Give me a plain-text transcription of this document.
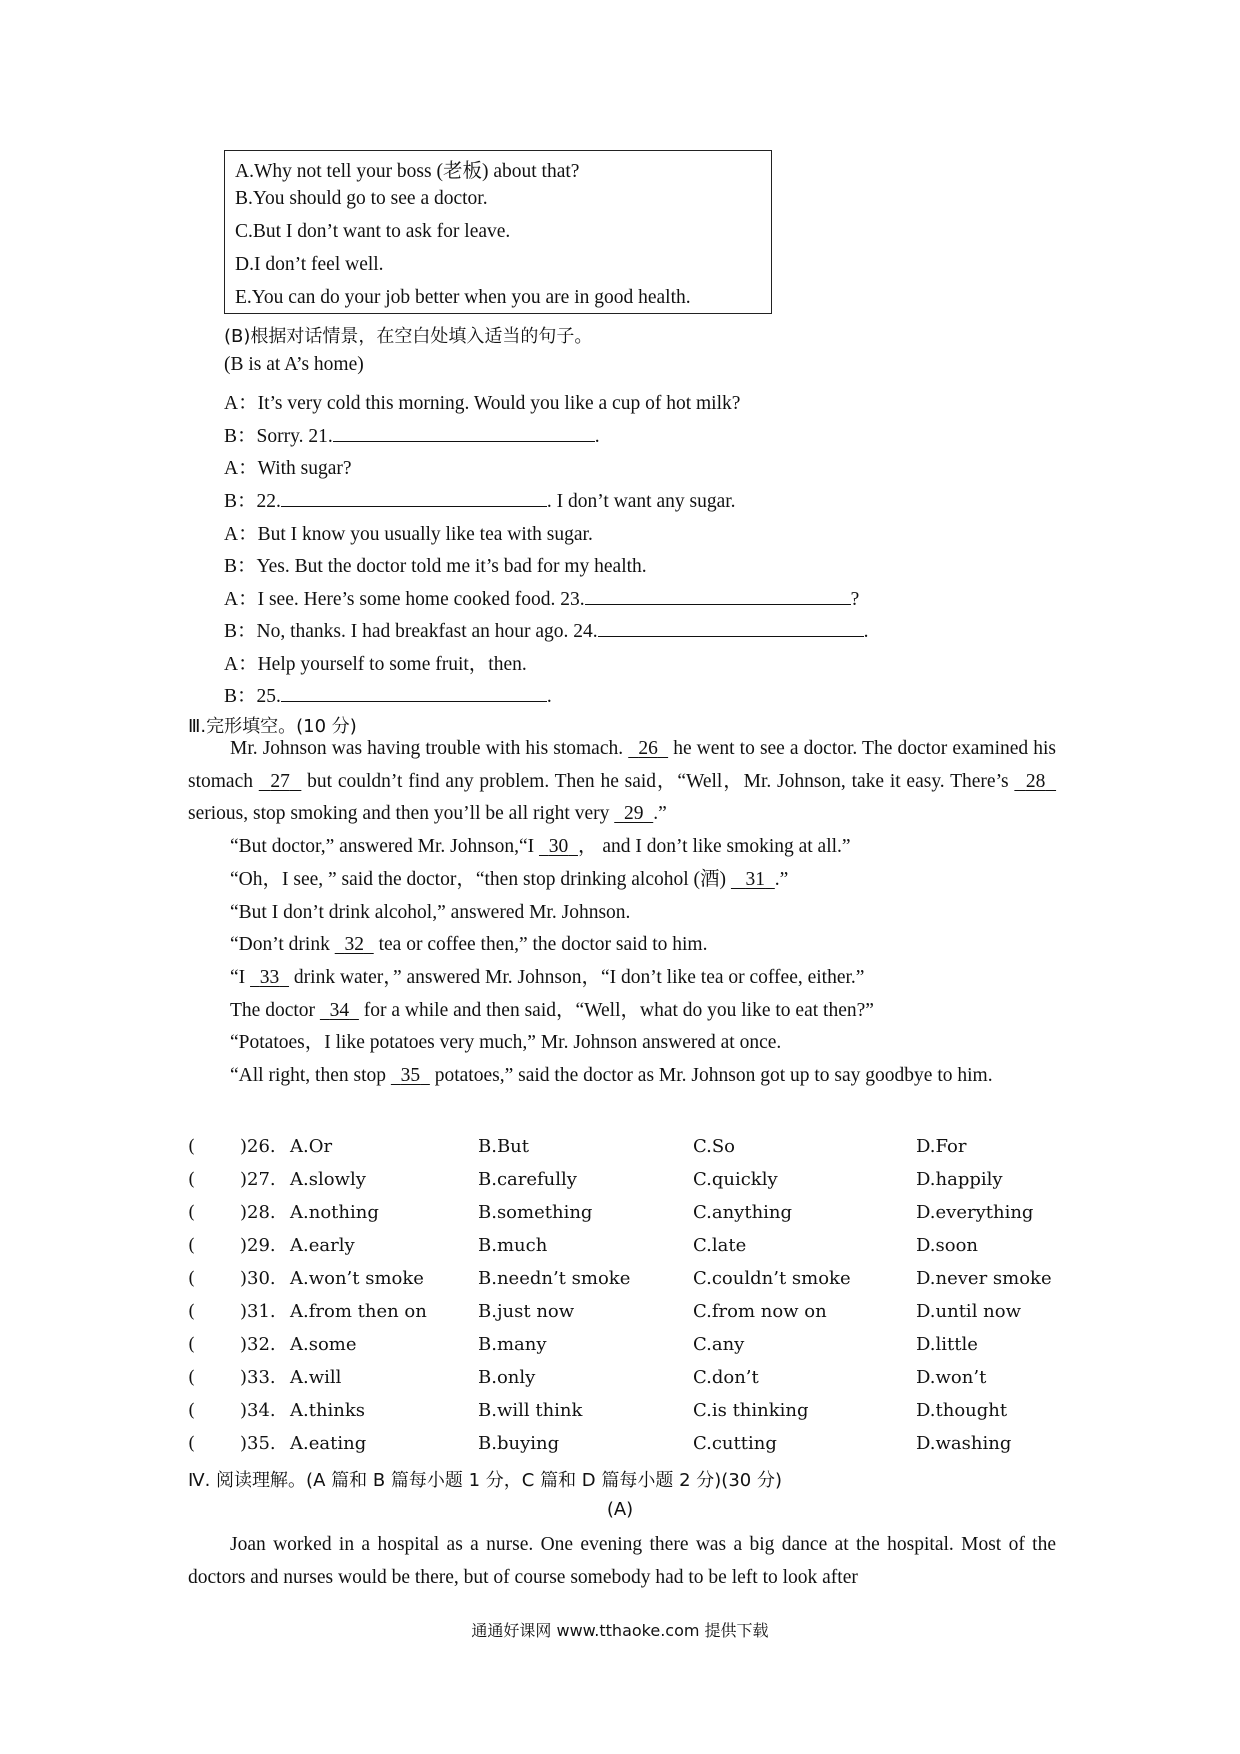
A.Why not tell your boss (老板) about that?
B.You should go to see a doctor.
C.But I don’t want to ask for leave.
D.I don’t feel well.
E.You can do your job better when you are in good health.
(B)根据对话情景，在空白处填入适当的句子。
(B is at A’s home)
A：It’s very cold this morning. Would you like a cup of hot milk?
B：Sorry. 21.	.
A：With sugar?
B：22.	. I don’t want any sugar.
A：But I know you usually like tea with sugar.
B：Yes. But the doctor told me it’s bad for my health.
A：I see. Here’s some home cooked food. 23.	?
B：No, thanks. I had breakfast an hour ago. 24.	.
A：Help yourself to some fruit，then.
B：25.	.
Ⅲ.完形填空。(10 分)

Mr. Johnson was having trouble with his stomach. 26 he went to see a doctor. The doctor examined his stomach 27 but couldn’t find any problem. Then he said，“Well，Mr. Johnson, take it easy. There’s 28   serious, stop smoking and then you’ll be all right very 29 .”

“But doctor,” answered Mr. Johnson,“I 30 ， and I don’t like smoking at all.”

“Oh，I see, ” said the doctor，“then stop drinking alcohol (酒) 31 .”

“But I don’t drink alcohol,” answered Mr. Johnson.

“Don’t drink 32 tea or coffee then,” the doctor said to him.

“I 33 drink water，” answered Mr. Johnson，“I don’t like tea or coffee, either.”

The doctor 34 for a while and then said，“Well，what do you like to eat then?”

“Potatoes，I like potatoes very much,” Mr. Johnson answered at once.

“All right, then stop 35 potatoes,” said the doctor as Mr. Johnson got up to say goodbye to him.

( )26. A.Or	B.But	C.So	D.For
( )27. A.slowly	B.carefully	C.quickly	D.happily
( )28. A.nothing	B.something	C.anything	D.everything
( )29. A.early	B.much	C.late	D.soon
( )30. A.won’t smoke	B.needn’t smoke	C.couldn’t smoke	D.never smoke
( )31. A.from then on	B.just now	C.from now on	D.until now
( )32. A.some	B.many	C.any	D.little
( )33. A.will	B.only	C.don’t	D.won’t
( )34. A.thinks	B.will think	C.is thinking	D.thought
( )35. A.eating	B.buying	C.cutting	D.washing
Ⅳ. 阅读理解。(A 篇和 B 篇每小题 1 分，C 篇和 D 篇每小题 2 分)(30 分)
(A)

Joan worked in a hospital as a nurse. One evening there was a big dance at the hospital. Most of the doctors and nurses would be there, but of course somebody had to be left to look after

通通好课网 www.tthaoke.com 提供下载
